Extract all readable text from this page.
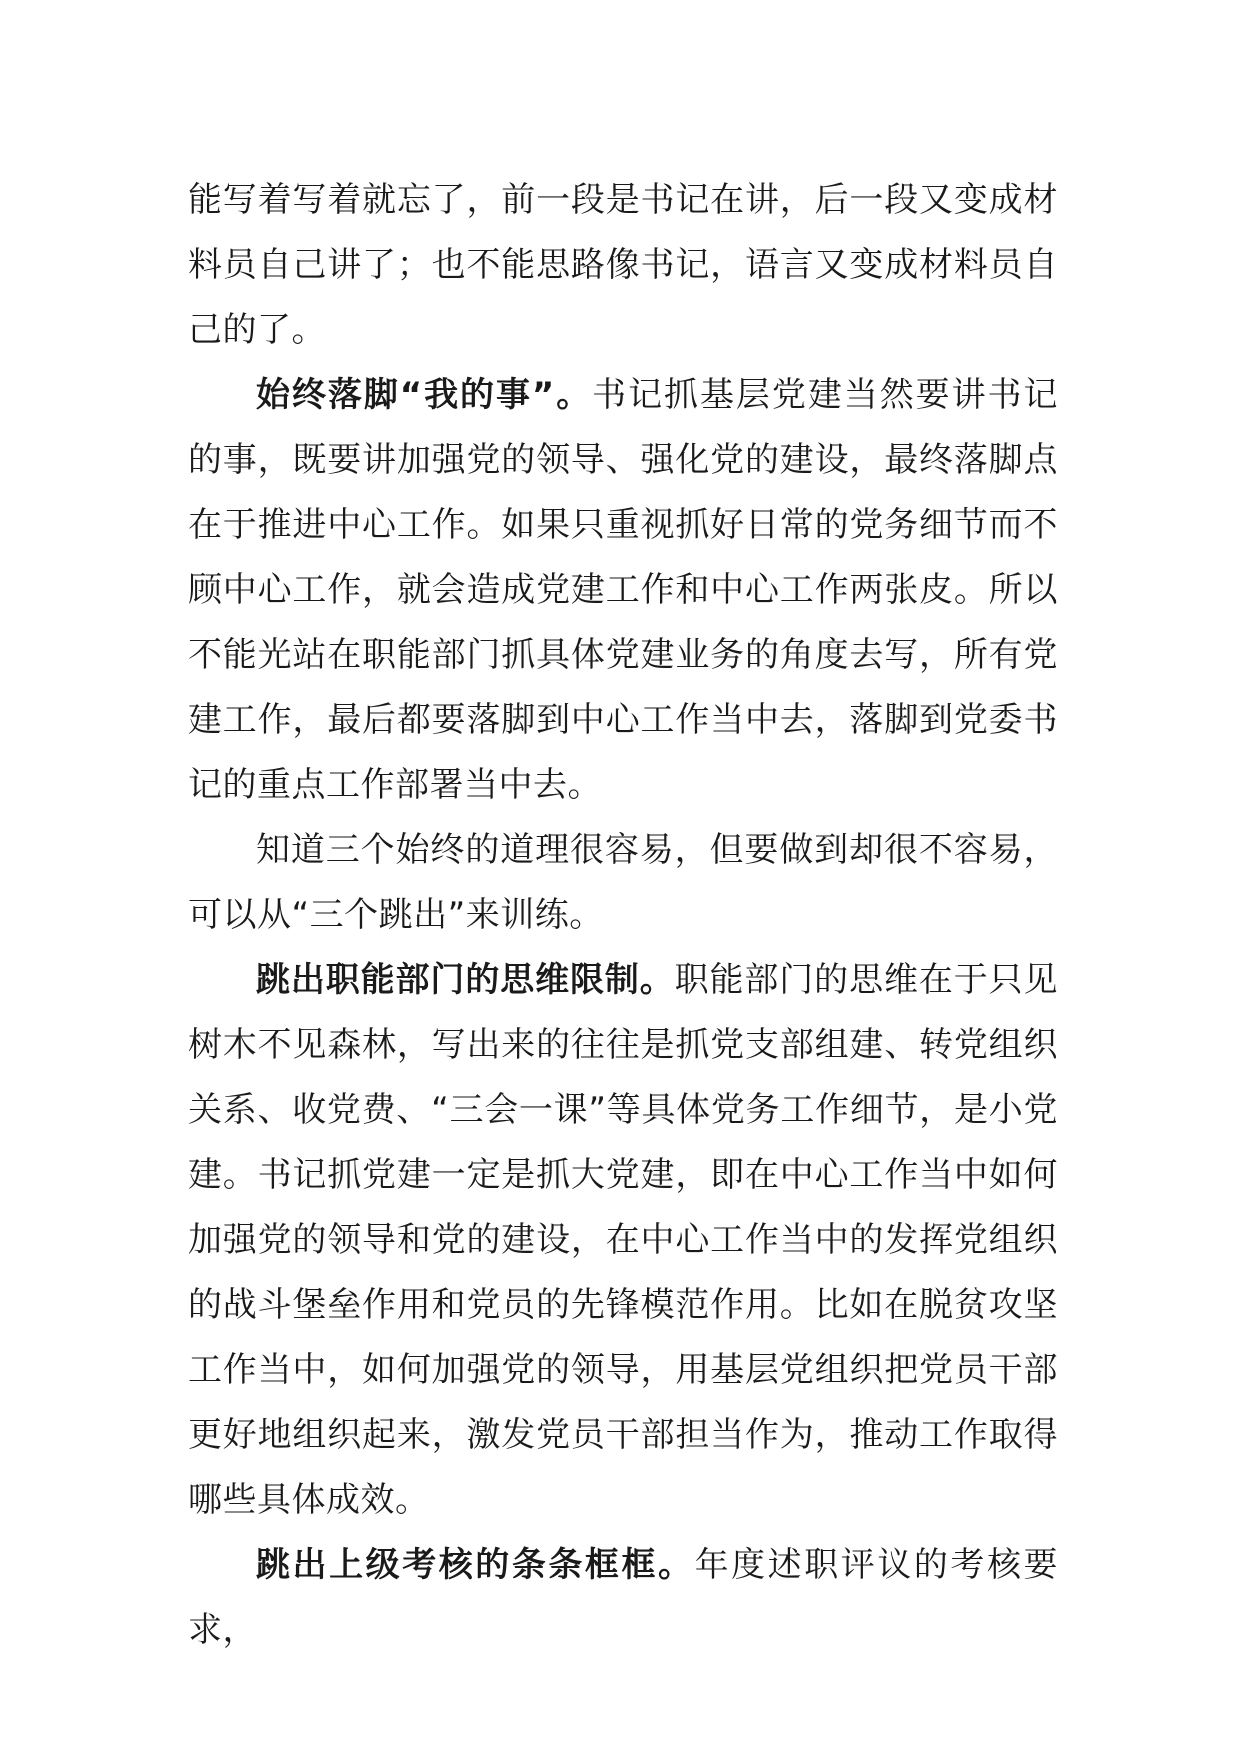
能写着写着就忘了，前一段是书记在讲，后一段又变成材料员自己讲了；也不能思路像书记，语言又变成材料员自己的了。

始终落脚“我的事”。书记抓基层党建当然要讲书记的事，既要讲加强党的领导、强化党的建设，最终落脚点在于推进中心工作。如果只重视抓好日常的党务细节而不顾中心工作，就会造成党建工作和中心工作两张皮。所以不能光站在职能部门抓具体党建业务的角度去写，所有党建工作，最后都要落脚到中心工作当中去，落脚到党委书记的重点工作部署当中去。

知道三个始终的道理很容易，但要做到却很不容易，可以从“三个跳出”来训练。

跳出职能部门的思维限制。职能部门的思维在于只见树木不见森林，写出来的往往是抓党支部组建、转党组织关系、收党费、“三会一课”等具体党务工作细节，是小党建。书记抓党建一定是抓大党建，即在中心工作当中如何加强党的领导和党的建设，在中心工作当中的发挥党组织的战斗堡垒作用和党员的先锋模范作用。比如在脱贫攻坚工作当中，如何加强党的领导，用基层党组织把党员干部更好地组织起来，激发党员干部担当作为，推动工作取得哪些具体成效。

跳出上级考核的条条框框。年度述职评议的考核要求，
